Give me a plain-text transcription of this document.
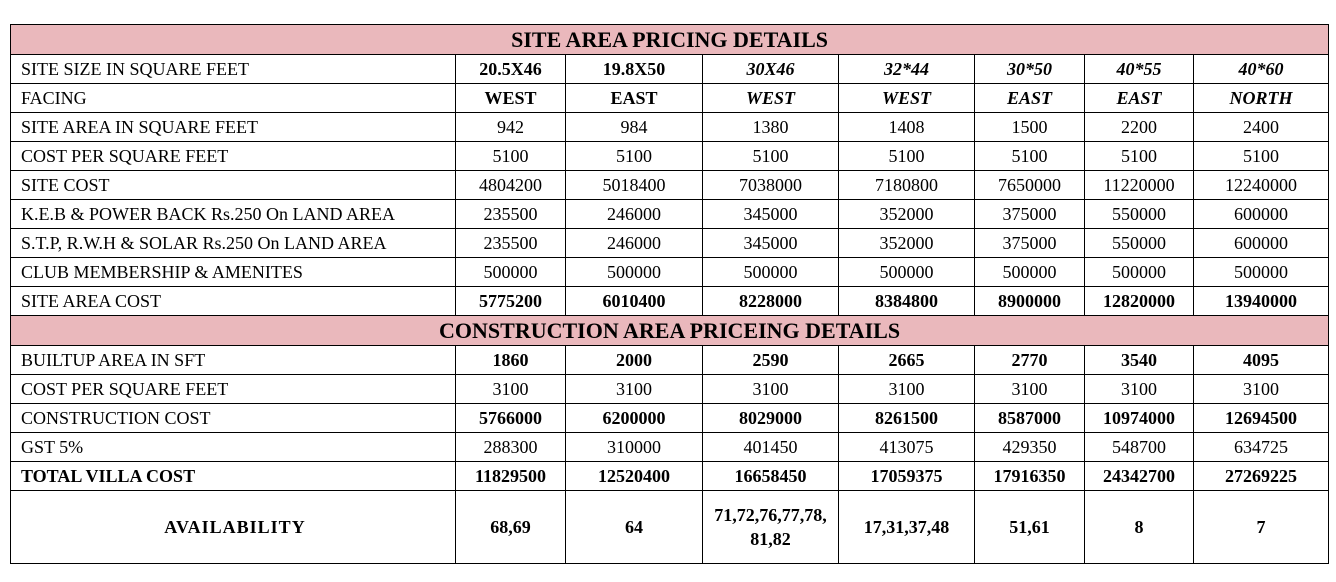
SITE AREA PRICING DETAILS							
SITE SIZE IN SQUARE FEET	20.5X46	19.8X50	30X46	32*44	30*50	40*55	40*60
FACING	WEST	EAST	WEST	WEST	EAST	EAST	NORTH
SITE AREA IN SQUARE FEET	942	984	1380	1408	1500	2200	2400
COST PER SQUARE FEET	5100	5100	5100	5100	5100	5100	5100
SITE COST	4804200	5018400	7038000	7180800	7650000	11220000	12240000
K.E.B & POWER BACK Rs.250 On LAND AREA	235500	246000	345000	352000	375000	550000	600000
S.T.P, R.W.H & SOLAR Rs.250 On LAND AREA	235500	246000	345000	352000	375000	550000	600000
CLUB MEMBERSHIP & AMENITES	500000	500000	500000	500000	500000	500000	500000
SITE AREA COST	5775200	6010400	8228000	8384800	8900000	12820000	13940000
CONSTRUCTION AREA PRICEING DETAILS							
BUILTUP AREA IN SFT	1860	2000	2590	2665	2770	3540	4095
COST PER SQUARE FEET	3100	3100	3100	3100	3100	3100	3100
CONSTRUCTION COST	5766000	6200000	8029000	8261500	8587000	10974000	12694500
GST 5%	288300	310000	401450	413075	429350	548700	634725
TOTAL VILLA COST	11829500	12520400	16658450	17059375	17916350	24342700	27269225
AVAILABILITY	68,69	64	71,72,76,77,78,81,82	17,31,37,48	51,61	8	7
